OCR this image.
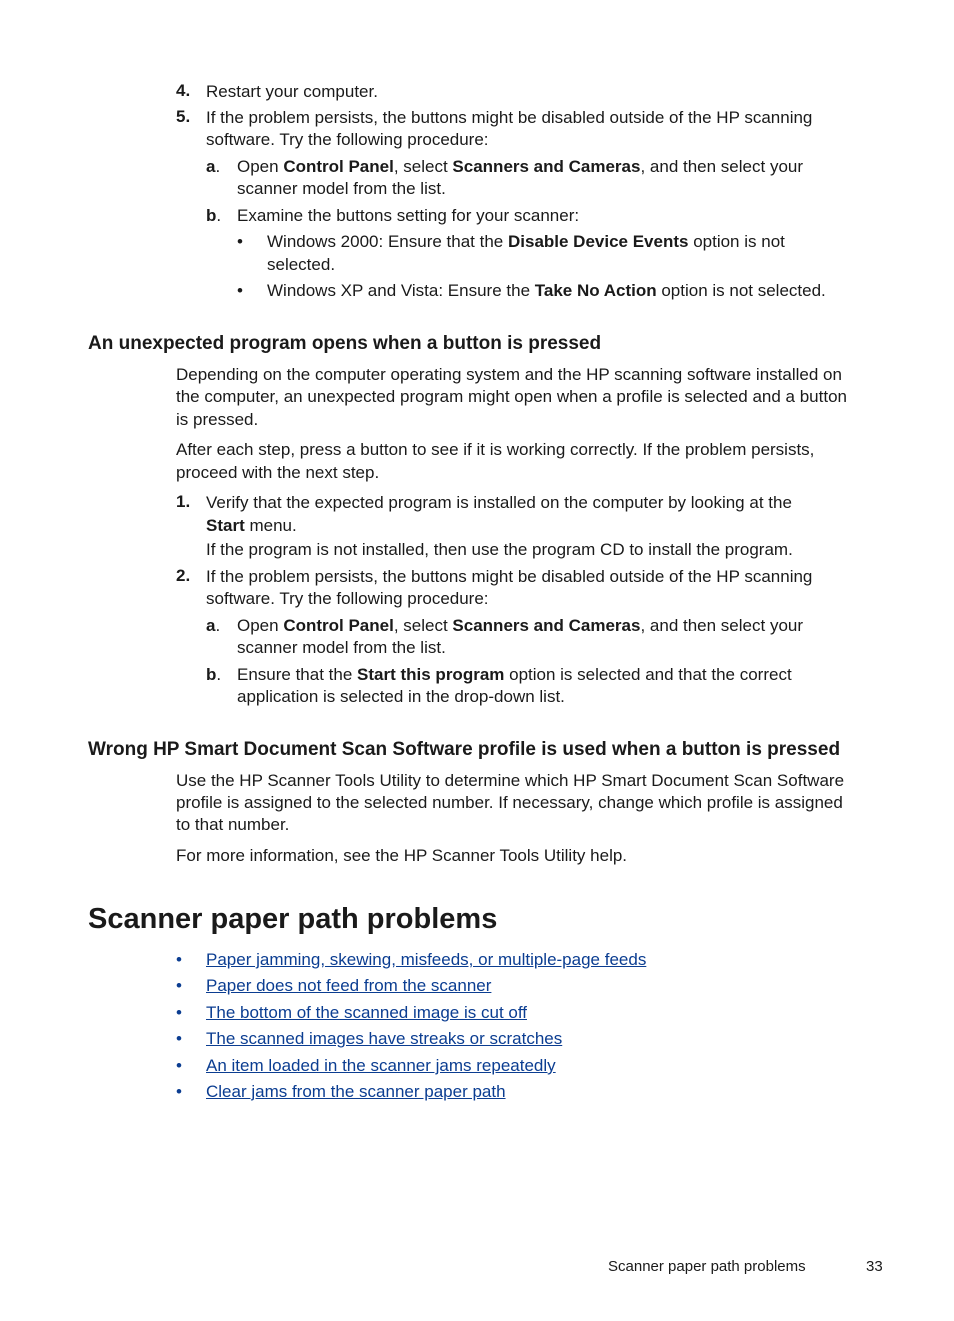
4. Restart your computer.
5. If the problem persists, the buttons might be disabled outside of the HP scanning
software. Try the following procedure:
a. Open Control Panel, select Scanners and Cameras, and then select your
scanner model from the list.
b. Examine the buttons setting for your scanner:
• Windows 2000: Ensure that the Disable Device Events option is not
selected.
• Windows XP and Vista: Ensure the Take No Action option is not selected.
An unexpected program opens when a button is pressed
Depending on the computer operating system and the HP scanning software installed on
the computer, an unexpected program might open when a profile is selected and a button
is pressed.
After each step, press a button to see if it is working correctly. If the problem persists,
proceed with the next step.
1. Verify that the expected program is installed on the computer by looking at the
Start menu.
If the program is not installed, then use the program CD to install the program.
2. If the problem persists, the buttons might be disabled outside of the HP scanning
software. Try the following procedure:
a. Open Control Panel, select Scanners and Cameras, and then select your
scanner model from the list.
b. Ensure that the Start this program option is selected and that the correct
application is selected in the drop-down list.
Wrong HP Smart Document Scan Software profile is used when a button is pressed
Use the HP Scanner Tools Utility to determine which HP Smart Document Scan Software
profile is assigned to the selected number. If necessary, change which profile is assigned
to that number.
For more information, see the HP Scanner Tools Utility help.
Scanner paper path problems
• Paper jamming, skewing, misfeeds, or multiple-page feeds
• Paper does not feed from the scanner
• The bottom of the scanned image is cut off
• The scanned images have streaks or scratches
• An item loaded in the scanner jams repeatedly
• Clear jams from the scanner paper path
Scanner paper path problems	33
